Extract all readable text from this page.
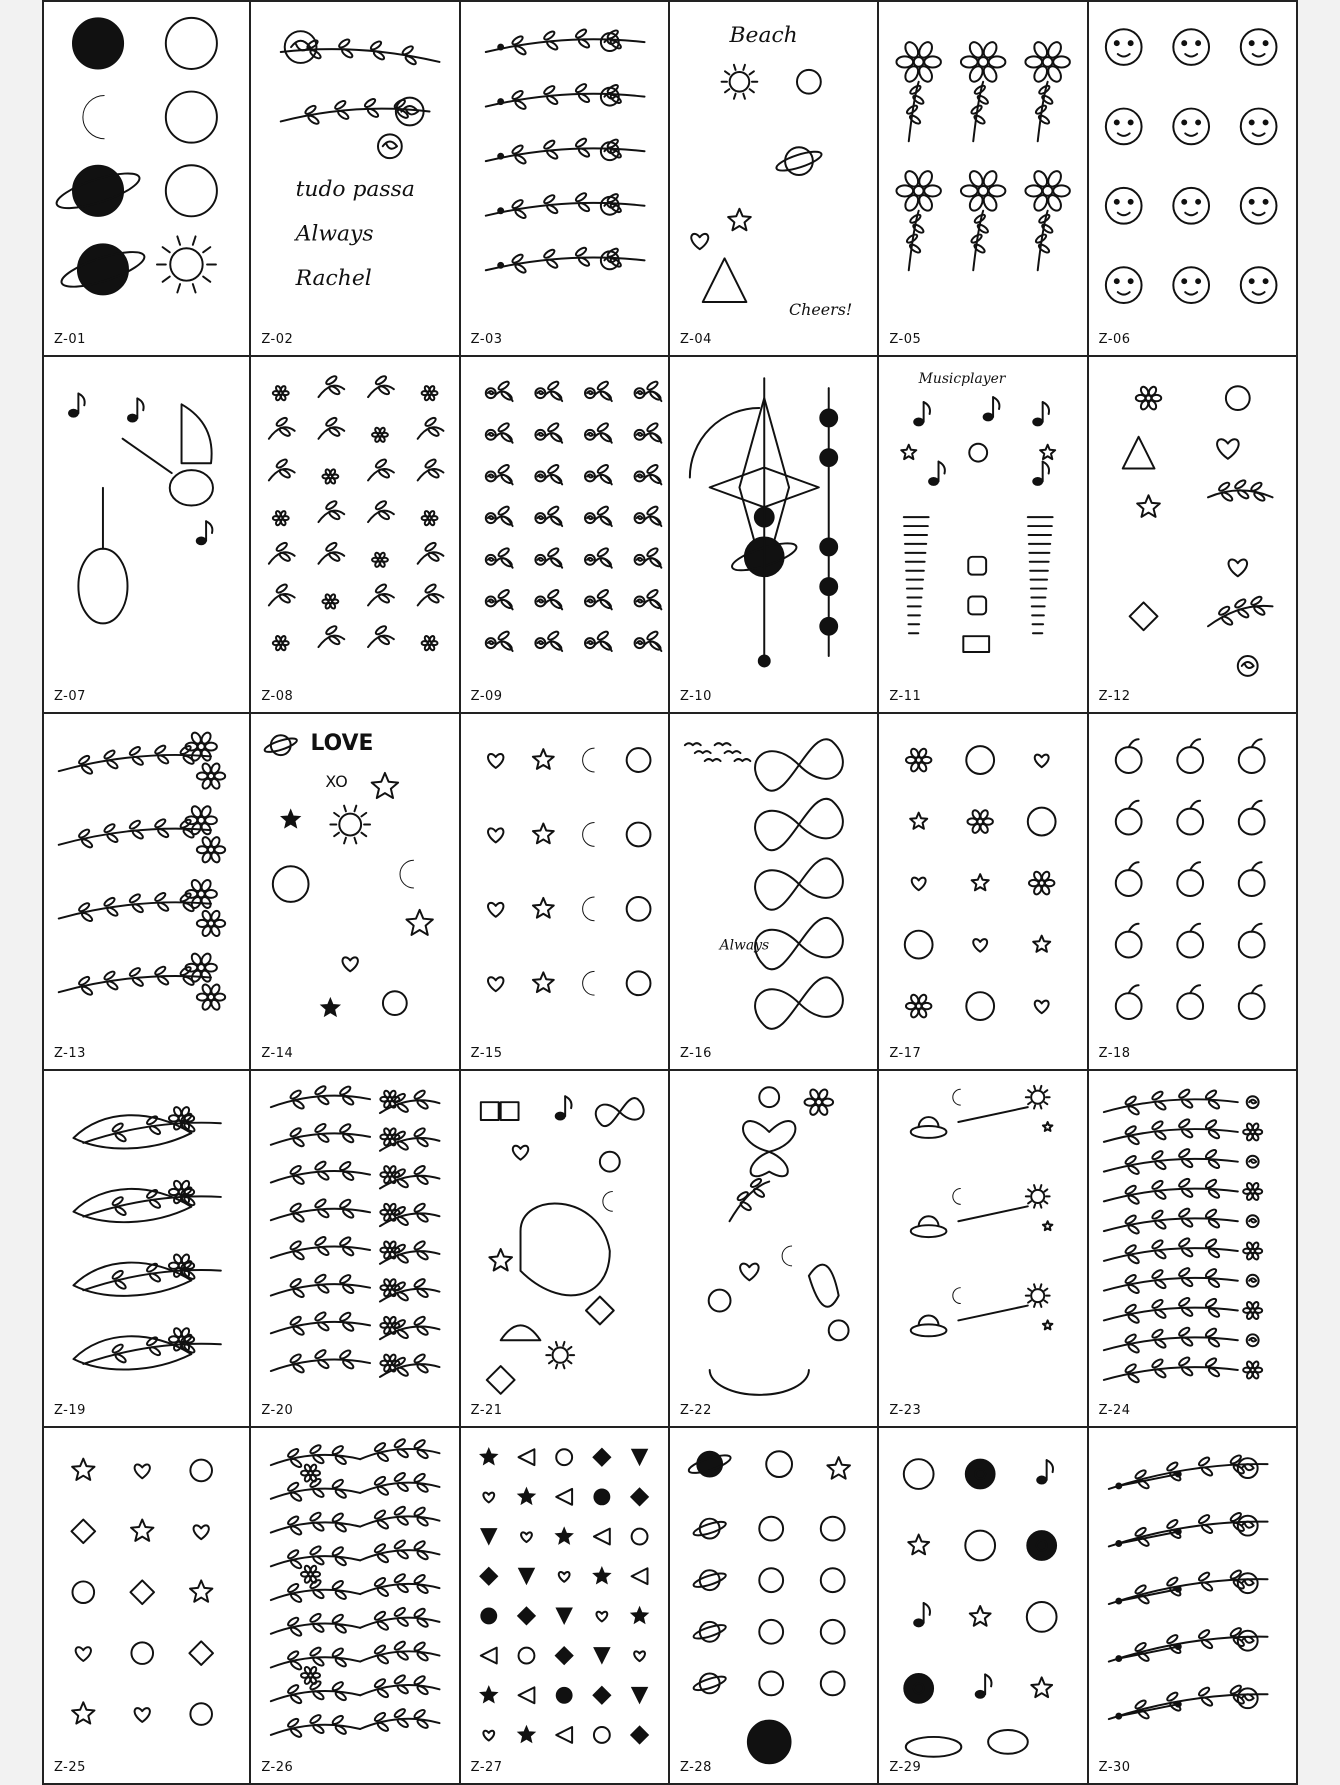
Z-01
tudo passa
Always
Rachel
Z-02	Z-03
Beach
Cheers!
Z-04	Z-05	Z-06
Z-07	Z-08	Z-09	Z-10
Musicplayer
Z-11	Z-12
Z-13
LOVE
XO
Z-14	Z-15
Always
Z-16	Z-17	Z-18
Z-19	Z-20	Z-21	Z-22	Z-23	Z-24
Z-25	Z-26	Z-27	Z-28	Z-29	Z-30
